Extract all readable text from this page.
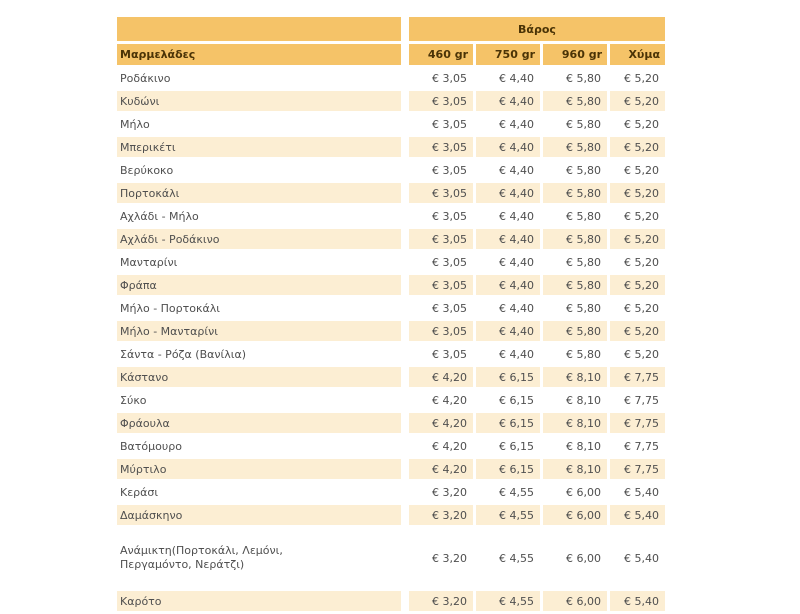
		Βάρος			
Μαρμελάδες		460 gr	750 gr	960 gr	Χύμα

Ροδάκινο		€ 3,05	€ 4,40	€ 5,80	€ 5,20

Κυδώνι		€ 3,05	€ 4,40	€ 5,80	€ 5,20

Μήλο		€ 3,05	€ 4,40	€ 5,80	€ 5,20

Μπερικέτι		€ 3,05	€ 4,40	€ 5,80	€ 5,20

Βερύκοκο		€ 3,05	€ 4,40	€ 5,80	€ 5,20

Πορτοκάλι		€ 3,05	€ 4,40	€ 5,80	€ 5,20

Αχλάδι - Μήλο		€ 3,05	€ 4,40	€ 5,80	€ 5,20

Αχλάδι - Ροδάκινο		€ 3,05	€ 4,40	€ 5,80	€ 5,20

Μανταρίνι		€ 3,05	€ 4,40	€ 5,80	€ 5,20

Φράπα		€ 3,05	€ 4,40	€ 5,80	€ 5,20

Μήλο - Πορτοκάλι		€ 3,05	€ 4,40	€ 5,80	€ 5,20

Μήλο - Μανταρίνι		€ 3,05	€ 4,40	€ 5,80	€ 5,20

Σάντα - Ρόζα (Βανίλια)		€ 3,05	€ 4,40	€ 5,80	€ 5,20

Κάστανο		€ 4,20	€ 6,15	€ 8,10	€ 7,75

Σύκο		€ 4,20	€ 6,15	€ 8,10	€ 7,75

Φράουλα		€ 4,20	€ 6,15	€ 8,10	€ 7,75

Βατόμουρο		€ 4,20	€ 6,15	€ 8,10	€ 7,75

Μύρτιλο		€ 4,20	€ 6,15	€ 8,10	€ 7,75

Κεράσι		€ 3,20	€ 4,55	€ 6,00	€ 5,40

Δαμάσκηνο		€ 3,20	€ 4,55	€ 6,00	€ 5,40

Ανάμικτη(Πορτοκάλι, Λεμόνι, Περγαμόντο, Νεράτζι)		€ 3,20	€ 4,55	€ 6,00	€ 5,40

Καρότο		€ 3,20	€ 4,55	€ 6,00	€ 5,40
